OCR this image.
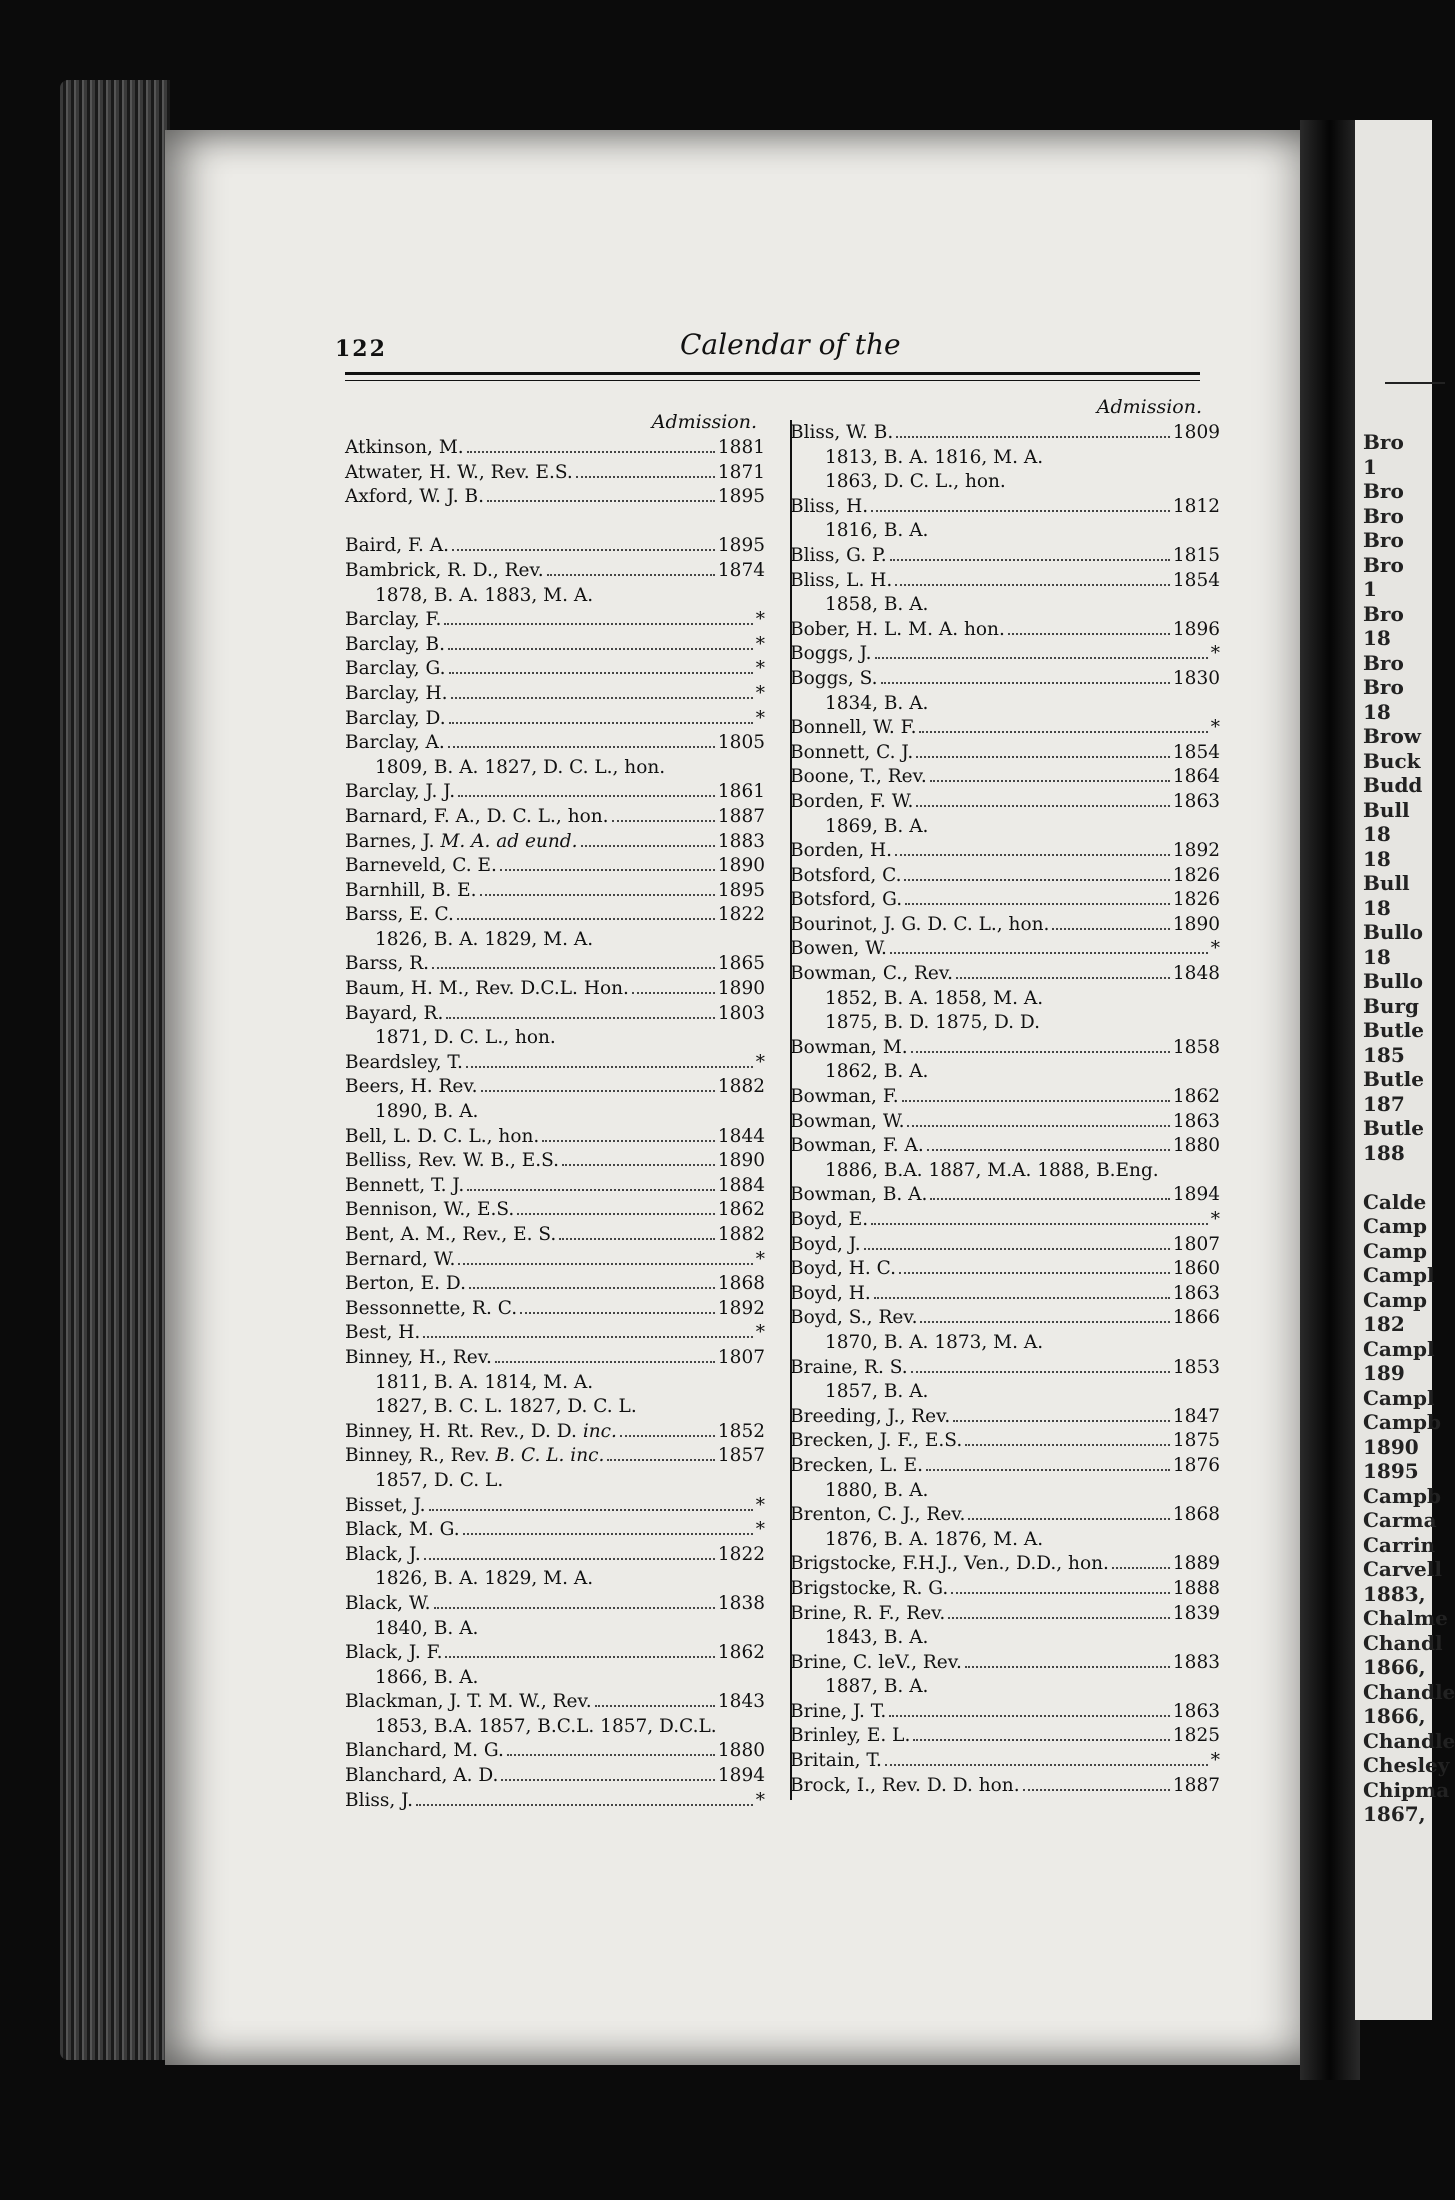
Bro
1
Bro
Bro
Bro
Bro
1
Bro
18
Bro
Bro
18
Brow
Buck
Budd
Bull
18
18
Bull
18
Bullo
18
Bullo
Burg
Butle
185
Butle
187
Butle
188
Calde
Camp
Camp
Campl
Camp
182
Campl
189
Campl
Campb
1890
1895
Campb
Carma
Carrin
Carvell
1883,
Chalme
Chandl
1866,
Chandle
1866,
Chandle
Chesley
Chipma
1867,
122	Calendar of the
Admission.
Atkinson, M.	1881
Atwater, H. W., Rev. E.S.	1871
Axford, W. J. B.	1895
Baird, F. A.	1895
Bambrick, R. D., Rev.	1874
1878, B. A. 1883, M. A.
Barclay, F.	*
Barclay, B.	*
Barclay, G.	*
Barclay, H.	*
Barclay, D.	*
Barclay, A.	1805
1809, B. A. 1827, D. C. L., hon.
Barclay, J. J.	1861
Barnard, F. A., D. C. L., hon.	1887
Barnes, J. M. A. ad eund.	1883
Barneveld, C. E.	1890
Barnhill, B. E.	1895
Barss, E. C.	1822
1826, B. A. 1829, M. A.
Barss, R.	1865
Baum, H. M., Rev. D.C.L. Hon.	1890
Bayard, R.	1803
1871, D. C. L., hon.
Beardsley, T.	*
Beers, H. Rev.	1882
1890, B. A.
Bell, L. D. C. L., hon.	1844
Belliss, Rev. W. B., E.S.	1890
Bennett, T. J.	1884
Bennison, W., E.S.	1862
Bent, A. M., Rev., E. S.	1882
Bernard, W.	*
Berton, E. D.	1868
Bessonnette, R. C.	1892
Best, H.	*
Binney, H., Rev.	1807
1811, B. A. 1814, M. A.
1827, B. C. L. 1827, D. C. L.
Binney, H. Rt. Rev., D. D. inc.	1852
Binney, R., Rev. B. C. L. inc.	1857
1857, D. C. L.
Bisset, J.	*
Black, M. G.	*
Black, J.	1822
1826, B. A. 1829, M. A.
Black, W.	1838
1840, B. A.
Black, J. F.	1862
1866, B. A.
Blackman, J. T. M. W., Rev.	1843
1853, B.A. 1857, B.C.L. 1857, D.C.L.
Blanchard, M. G.	1880
Blanchard, A. D.	1894
Bliss, J.	*
Admission.
Bliss, W. B.	1809
1813, B. A. 1816, M. A.
1863, D. C. L., hon.
Bliss, H.	1812
1816, B. A.
Bliss, G. P.	1815
Bliss, L. H.	1854
1858, B. A.
Bober, H. L. M. A. hon.	1896
Boggs, J.	*
Boggs, S.	1830
1834, B. A.
Bonnell, W. F.	*
Bonnett, C. J.	1854
Boone, T., Rev.	1864
Borden, F. W.	1863
1869, B. A.
Borden, H.	1892
Botsford, C.	1826
Botsford, G.	1826
Bourinot, J. G. D. C. L., hon.	1890
Bowen, W.	*
Bowman, C., Rev.	1848
1852, B. A. 1858, M. A.
1875, B. D. 1875, D. D.
Bowman, M.	1858
1862, B. A.
Bowman, F.	1862
Bowman, W.	1863
Bowman, F. A.	1880
1886, B.A. 1887, M.A. 1888, B.Eng.
Bowman, B. A.	1894
Boyd, E.	*
Boyd, J.	1807
Boyd, H. C.	1860
Boyd, H.	1863
Boyd, S., Rev.	1866
1870, B. A. 1873, M. A.
Braine, R. S.	1853
1857, B. A.
Breeding, J., Rev.	1847
Brecken, J. F., E.S.	1875
Brecken, L. E.	1876
1880, B. A.
Brenton, C. J., Rev.	1868
1876, B. A. 1876, M. A.
Brigstocke, F.H.J., Ven., D.D., hon.	1889
Brigstocke, R. G.	1888
Brine, R. F., Rev.	1839
1843, B. A.
Brine, C. leV., Rev.	1883
1887, B. A.
Brine, J. T.	1863
Brinley, E. L.	1825
Britain, T.	*
Brock, I., Rev. D. D. hon.	1887
